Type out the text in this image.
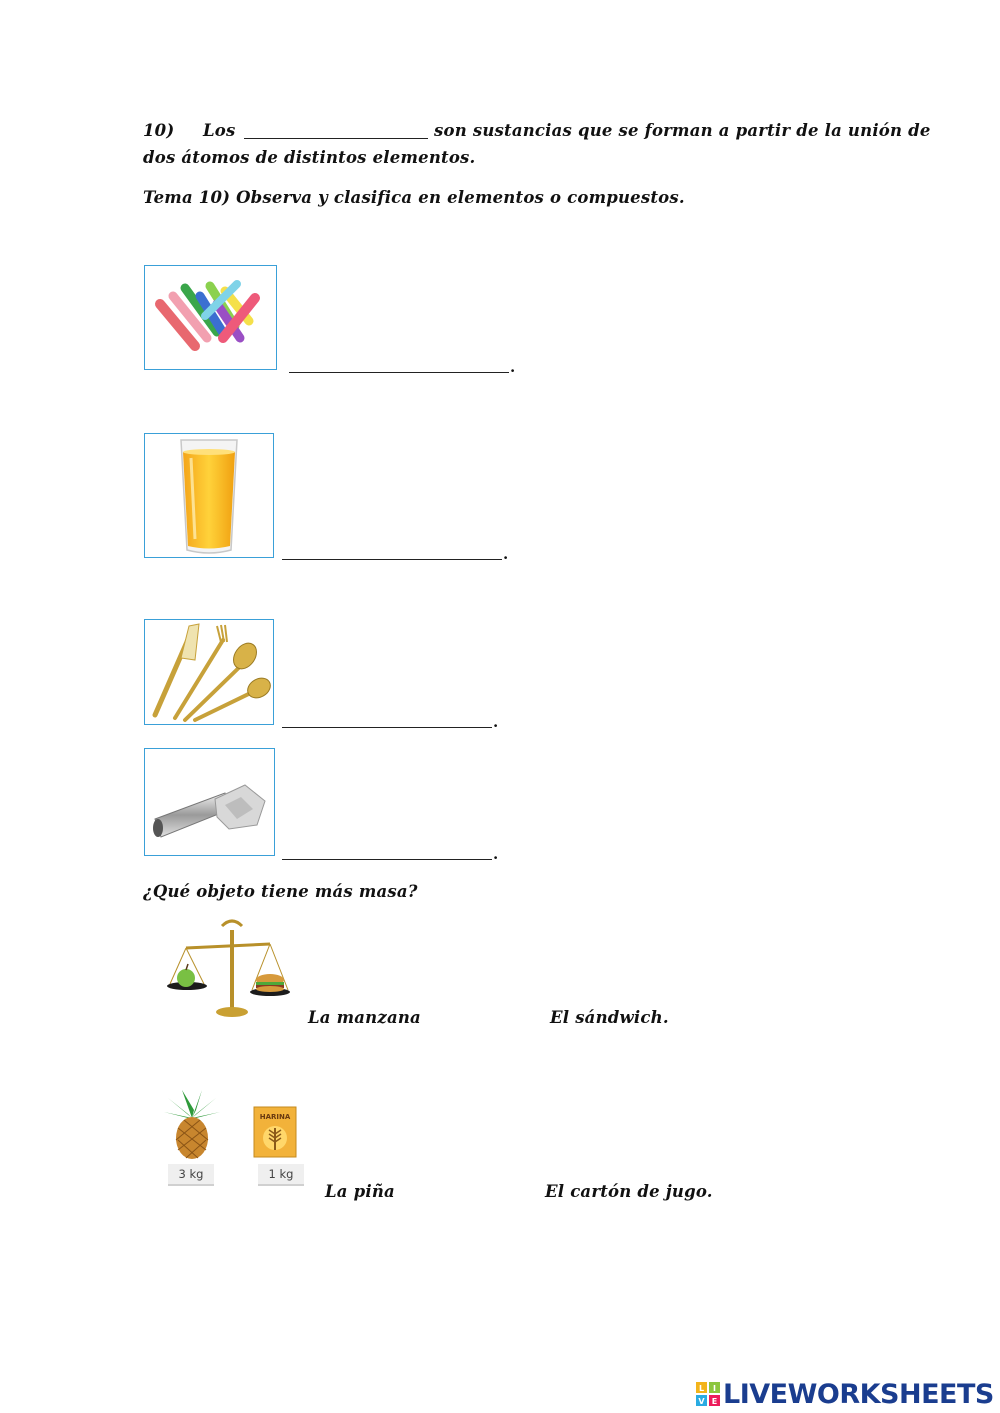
10) Los	son sustancias que se forman a partir de la unión de
dos átomos de distintos elementos.
Tema 10) Observa y clasifica en elementos o compuestos.
.
.
.
.
¿Qué objeto tiene más masa?
La manzana	El sándwich.
3 kg
HARINA
1 kg
La piña	El cartón de jugo.
L I
V E LIVEWORKSHEETS
